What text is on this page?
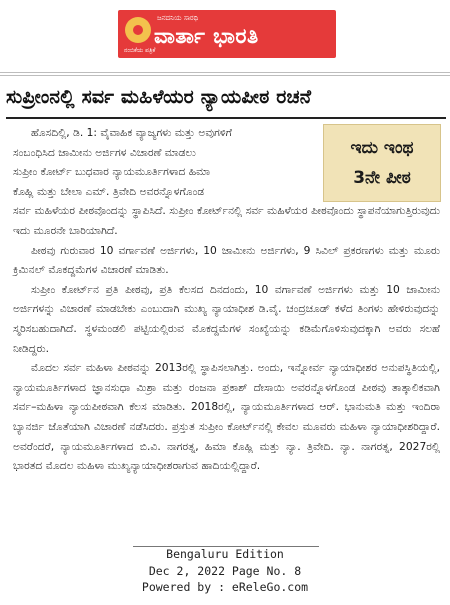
ಜನದನಿಯ ಸಾರಥಿ
ವಾರ್ತಾ ಭಾರತಿ
ನಂಬಿಕೆಯ ಪತ್ರಿಕೆ
ಸುಪ್ರೀಂನಲ್ಲಿ ಸರ್ವ ಮಹಿಳೆಯರ ನ್ಯಾಯಪೀಠ ರಚನೆ
ಇದು ಇಂಥ
3ನೇ ಪೀಠ
ಹೊಸದಿಲ್ಲಿ, ಡಿ. 1: ವೈವಾಹಿಕ ವ್ಯಾಜ್ಯಗಳು ಮತ್ತು ಅವುಗಳಿಗೆ
ಸಂಬಂಧಿಸಿದ ಜಾಮೀನು ಅರ್ಜಿಗಳ ವಿಚಾರಣೆ ಮಾಡಲು
ಸುಪ್ರೀಂ ಕೋರ್ಟ್ ಬುಧವಾರ ನ್ಯಾಯಮೂರ್ತಿಗಳಾದ ಹಿಮಾ
ಕೊಹ್ಲಿ ಮತ್ತು ಬೇಲಾ ಎಮ್. ತ್ರಿವೇದಿ ಅವರನ್ನೊಳಗೊಂಡ

ಸರ್ವ ಮಹಿಳೆಯರ ಪೀಠವೊಂದನ್ನು ಸ್ಥಾಪಿಸಿದೆ. ಸುಪ್ರೀಂ ಕೋರ್ಟ್‌ನಲ್ಲಿ ಸರ್ವ ಮಹಿಳೆಯರ ಪೀಠವೊಂದು ಸ್ಥಾಪನೆಯಾಗುತ್ತಿರುವುದು ಇದು ಮೂರನೇ ಬಾರಿಯಾಗಿದೆ.

ಪೀಠವು ಗುರುವಾರ 10 ವರ್ಗಾವಣೆ ಅರ್ಜಿಗಳು, 10 ಜಾಮೀನು ಅರ್ಜಿಗಳು, 9 ಸಿವಿಲ್ ಪ್ರಕರಣಗಳು ಮತ್ತು ಮೂರು ಕ್ರಿಮಿನಲ್ ಮೊಕದ್ದಮೆಗಳ ವಿಚಾರಣೆ ಮಾಡಿತು.

ಸುಪ್ರೀಂ ಕೋರ್ಟ್‌ನ ಪ್ರತಿ ಪೀಠವು, ಪ್ರತಿ ಕೆಲಸದ ದಿನದಂದು, 10 ವರ್ಗಾವಣೆ ಅರ್ಜಿಗಳು ಮತ್ತು 10 ಜಾಮೀನು ಅರ್ಜಿಗಳನ್ನು ವಿಚಾರಣೆ ಮಾಡಬೇಕು ಎಂಬುದಾಗಿ ಮುಖ್ಯ ನ್ಯಾಯಾಧೀಶ ಡಿ.ವೈ. ಚಂದ್ರಚೂಡ್ ಕಳೆದ ತಿಂಗಳು ಹೇಳಿರುವುದನ್ನು ಸ್ಮರಿಸಬಹುದಾಗಿದೆ. ಸ್ಥಳಮಂಡಲಿ ಪಟ್ಟಿಯಲ್ಲಿರುವ ಮೊಕದ್ದಮೆಗಳ ಸಂಖ್ಯೆಯನ್ನು ಕಡಿಮೆಗೊಳಿಸುವುದಕ್ಕಾಗಿ ಅವರು ಸಲಹೆ ನೀಡಿದ್ದರು.

ಮೊದಲ ಸರ್ವ ಮಹಿಳಾ ಪೀಠವನ್ನು 2013ರಲ್ಲಿ ಸ್ಥಾಪಿಸಲಾಗಿತ್ತು. ಅಂದು, ಇನ್ನೋರ್ವ ನ್ಯಾಯಾಧೀಶರ ಅನುಪಸ್ಥಿತಿಯಲ್ಲಿ, ನ್ಯಾಯಮೂರ್ತಿಗಳಾದ ಜ್ಞಾನಸುಧಾ ಮಿಶ್ರಾ ಮತ್ತು ರಂಜನಾ ಪ್ರಕಾಶ್ ದೇಸಾಯಿ ಅವರನ್ನೊಳಗೊಂಡ ಪೀಠವು ತಾತ್ಕಾಲಿಕವಾಗಿ ಸರ್ವ–ಮಹಿಳಾ ನ್ಯಾಯಪೀಠವಾಗಿ ಕೆಲಸ ಮಾಡಿತು. 2018ರಲ್ಲಿ, ನ್ಯಾಯಮೂರ್ತಿಗಳಾದ ಆರ್. ಭಾನುಮತಿ ಮತ್ತು ಇಂದಿರಾ ಬ್ಯಾನರ್ಜಿ ಜೊತೆಯಾಗಿ ವಿಚಾರಣೆ ನಡೆಸಿದರು. ಪ್ರಸ್ತುತ ಸುಪ್ರೀಂ ಕೋರ್ಟ್‌ನಲ್ಲಿ ಕೇವಲ ಮೂವರು ಮಹಿಳಾ ನ್ಯಾಯಾಧೀಶರಿದ್ದಾರೆ. ಅವರೆಂದರೆ, ನ್ಯಾಯಮೂರ್ತಿಗಳಾದ ಬಿ.ವಿ. ನಾಗರತ್ನ, ಹಿಮಾ ಕೊಹ್ಲಿ ಮತ್ತು ನ್ಯಾ. ತ್ರಿವೇದಿ. ನ್ಯಾ. ನಾಗರತ್ನ, 2027ರಲ್ಲಿ ಭಾರತದ ಮೊದಲ ಮಹಿಳಾ ಮುಖ್ಯನ್ಯಾಯಾಧೀಶರಾಗುವ ಹಾದಿಯಲ್ಲಿದ್ದಾರೆ.

Bengaluru Edition
Dec 2, 2022 Page No. 8
Powered by : eReleGo.com
